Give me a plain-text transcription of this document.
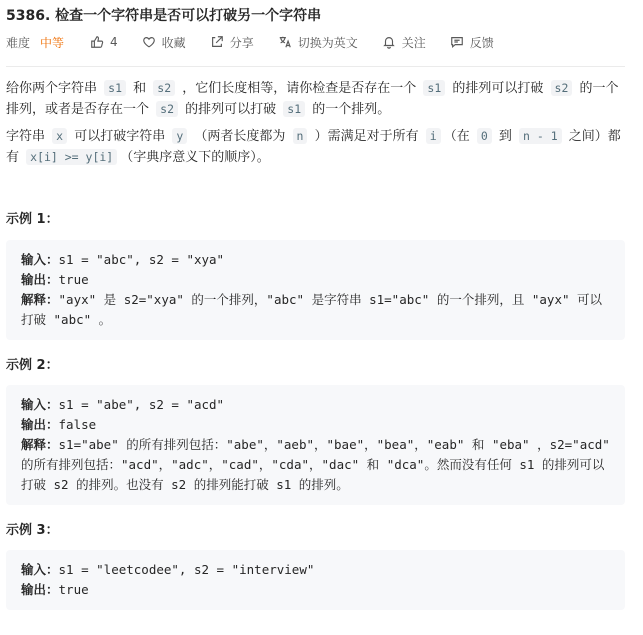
5386. 检查一个字符串是否可以打破另一个字符串
难度 中等	4	收藏	分享	切换为英文	关注	反馈
给你两个字符串 s1 和 s2 ，它们长度相等，请你检查是否存在一个 s1 的排列可以打破 s2 的一个排列，或者是否存在一个 s2 的排列可以打破 s1 的一个排列。
字符串 x 可以打破字符串 y （两者长度都为 n ）需满足对于所有 i （在 0 到 n - 1 之间）都有 x[i] >= y[i] （字典序意义下的顺序）。
示例 1：
输入：s1 = "abc", s2 = "xya"
输出：true
解释："ayx" 是 s2="xya" 的一个排列，"abc" 是字符串 s1="abc" 的一个排列，且 "ayx" 可以打破 "abc" 。
示例 2：
输入：s1 = "abe", s2 = "acd"
输出：false
解释：s1="abe" 的所有排列包括："abe"，"aeb"，"bae"，"bea"，"eab" 和 "eba" ，s2="acd" 的所有排列包括："acd"，"adc"，"cad"，"cda"，"dac" 和 "dca"。然而没有任何 s1 的排列可以打破 s2 的排列。也没有 s2 的排列能打破 s1 的排列。
示例 3：
输入：s1 = "leetcodee", s2 = "interview"
输出：true
